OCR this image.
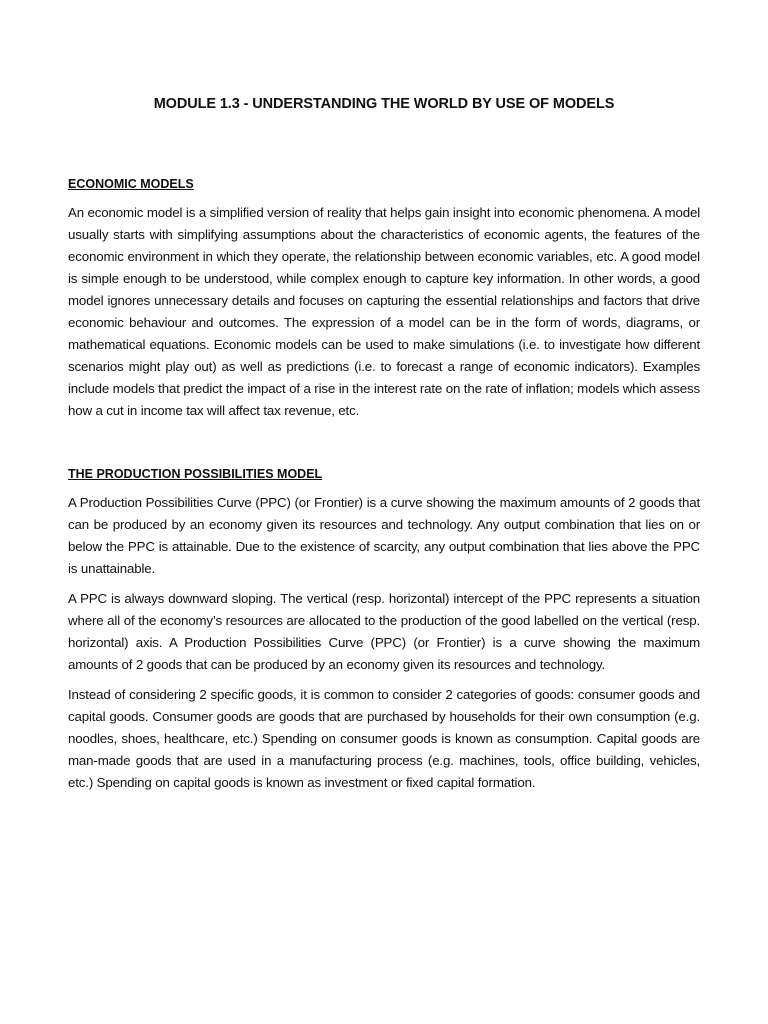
MODULE 1.3 - UNDERSTANDING THE WORLD BY USE OF MODELS
ECONOMIC MODELS

An economic model is a simplified version of reality that helps gain insight into economic phenomena. A model usually starts with simplifying assumptions about the characteristics of economic agents, the features of the economic environment in which they operate, the relationship between economic variables, etc. A good model is simple enough to be understood, while complex enough to capture key information. In other words, a good model ignores unnecessary details and focuses on capturing the essential relationships and factors that drive economic behaviour and outcomes. The expression of a model can be in the form of words, diagrams, or mathematical equations. Economic models can be used to make simulations (i.e. to investigate how different scenarios might play out) as well as predictions (i.e. to forecast a range of economic indicators). Examples include models that predict the impact of a rise in the interest rate on the rate of inflation; models which assess how a cut in income tax will affect tax revenue, etc.

THE PRODUCTION POSSIBILITIES MODEL

A Production Possibilities Curve (PPC) (or Frontier) is a curve showing the maximum amounts of 2 goods that can be produced by an economy given its resources and technology. Any output combination that lies on or below the PPC is attainable. Due to the existence of scarcity, any output combination that lies above the PPC is unattainable.

A PPC is always downward sloping. The vertical (resp. horizontal) intercept of the PPC represents a situation where all of the economy’s resources are allocated to the production of the good labelled on the vertical (resp. horizontal) axis. A Production Possibilities Curve (PPC) (or Frontier) is a curve showing the maximum amounts of 2 goods that can be produced by an economy given its resources and technology.

Instead of considering 2 specific goods, it is common to consider 2 categories of goods: consumer goods and capital goods. Consumer goods are goods that are purchased by households for their own consumption (e.g. noodles, shoes, healthcare, etc.) Spending on consumer goods is known as consumption. Capital goods are man-made goods that are used in a manufacturing process (e.g. machines, tools, office building, vehicles, etc.) Spending on capital goods is known as investment or fixed capital formation.
